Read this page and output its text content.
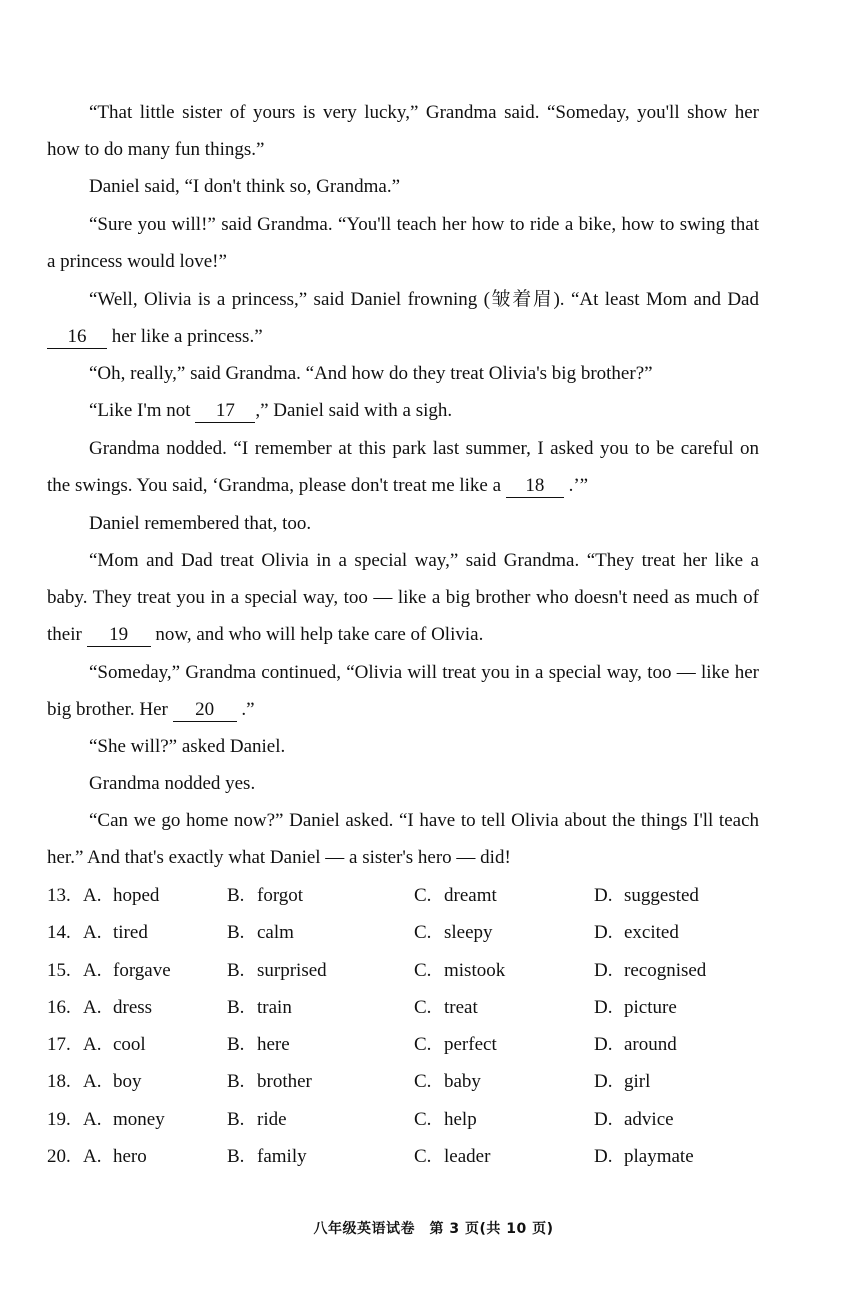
“That little sister of yours is very lucky,” Grandma said. “Someday, you'll show her how to do many fun things.”

Daniel said, “I don't think so, Grandma.”

“Sure you will!” said Grandma. “You'll teach her how to ride a bike, how to swing that a princess would love!”

“Well, Olivia is a princess,” said Daniel frowning (皱着眉). “At least Mom and Dad 16 her like a princess.”

“Oh, really,” said Grandma. “And how do they treat Olivia's big brother?”

“Like I'm not 17 ,” Daniel said with a sigh.

Grandma nodded. “I remember at this park last summer, I asked you to be careful on the swings. You said, ‘Grandma, please don't treat me like a 18 .’”

Daniel remembered that, too.

“Mom and Dad treat Olivia in a special way,” said Grandma. “They treat her like a baby. They treat you in a special way, too — like a big brother who doesn't need as much of their 19 now, and who will help take care of Olivia.

“Someday,” Grandma continued, “Olivia will treat you in a special way, too — like her big brother. Her 20 .”

“She will?” asked Daniel.

Grandma nodded yes.

“Can we go home now?” Daniel asked. “I have to tell Olivia about the things I'll teach her.” And that's exactly what Daniel — a sister's hero — did!

13. A. hoped	B. forgot	C. dreamt	D. suggested
14. A. tired	B. calm	C. sleepy	D. excited
15. A. forgave	B. surprised	C. mistook	D. recognised
16. A. dress	B. train	C. treat	D. picture
17. A. cool	B. here	C. perfect	D. around
18. A. boy	B. brother	C. baby	D. girl
19. A. money	B. ride	C. help	D. advice
20. A. hero	B. family	C. leader	D. playmate
八年级英语试卷　第 3 页(共 10 页)
